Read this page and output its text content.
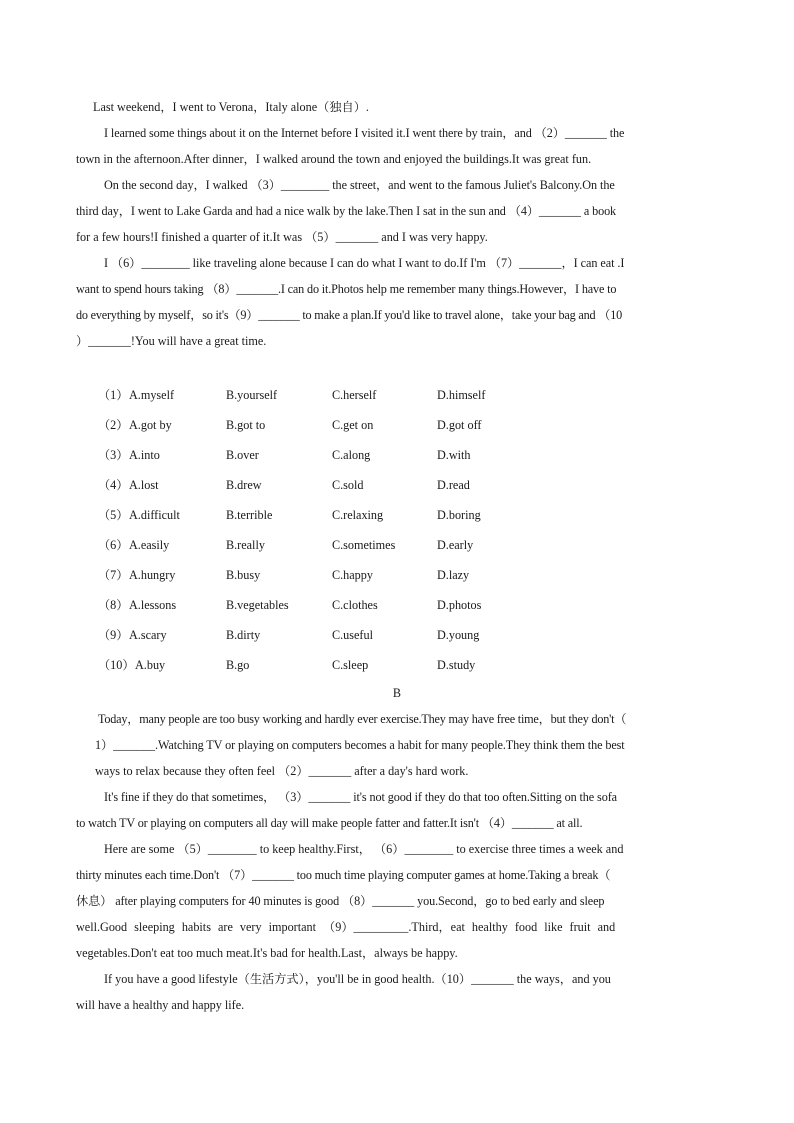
Last weekend，I went to Verona，Italy alone（独自）.
I learned some things about it on the Internet before I visited it.I went there by train，and （2）_______ the
town in the afternoon.After dinner，I walked around the town and enjoyed the buildings.It was great fun.
On the second day，I walked （3）________ the street，and went to the famous Juliet's Balcony.On the
third day，I went to Lake Garda and had a nice walk by the lake.Then I sat in the sun and （4）_______ a book
for a few hours!I finished a quarter of it.It was （5）_______ and I was very happy.
I （6）________ like traveling alone because I can do what I want to do.If I'm （7）_______，I can eat .I
want to spend hours taking （8）_______.I can do it.Photos help me remember many things.However，I have to
do everything by myself，so it's（9）_______ to make a plan.If you'd like to travel alone，take your bag and （10
）_______!You will have a great time.
（1） A.myself	B.yourself	C.herself	D.himself
（2） A.got by	B.got to	C.get on	D.got off
（3） A.into	B.over	C.along	D.with
（4） A.lost	B.drew	C.sold	D.read
（5） A.difficult	B.terrible	C.relaxing	D.boring
（6） A.easily	B.really	C.sometimes	D.early
（7） A.hungry	B.busy	C.happy	D.lazy
（8） A.lessons	B.vegetables	C.clothes	D.photos
（9） A.scary	B.dirty	C.useful	D.young
（10） A.buy	B.go	C.sleep	D.study
B
Today，many people are too busy working and hardly ever exercise.They may have free time，but they don't（
1）_______.Watching TV or playing on computers becomes a habit for many people.They think them the best
ways to relax because they often feel （2）_______ after a day's hard work.
It's fine if they do that sometimes， （3）_______ it's not good if they do that too often.Sitting on the sofa
to watch TV or playing on computers all day will make people fatter and fatter.It isn't （4）_______ at all.
Here are some （5）________ to keep healthy.First， （6）________ to exercise three times a week and
thirty minutes each time.Don't （7）_______ too much time playing computer games at home.Taking a break（
休息） after playing computers for 40 minutes is good （8）_______ you.Second，go to bed early and sleep
well.Good sleeping habits are very important （9）_________.Third，eat healthy food like fruit and
vegetables.Don't eat too much meat.It's bad for health.Last，always be happy.
If you have a good lifestyle（生活方式），you'll be in good health.（10）_______ the ways，and you
will have a healthy and happy life.
